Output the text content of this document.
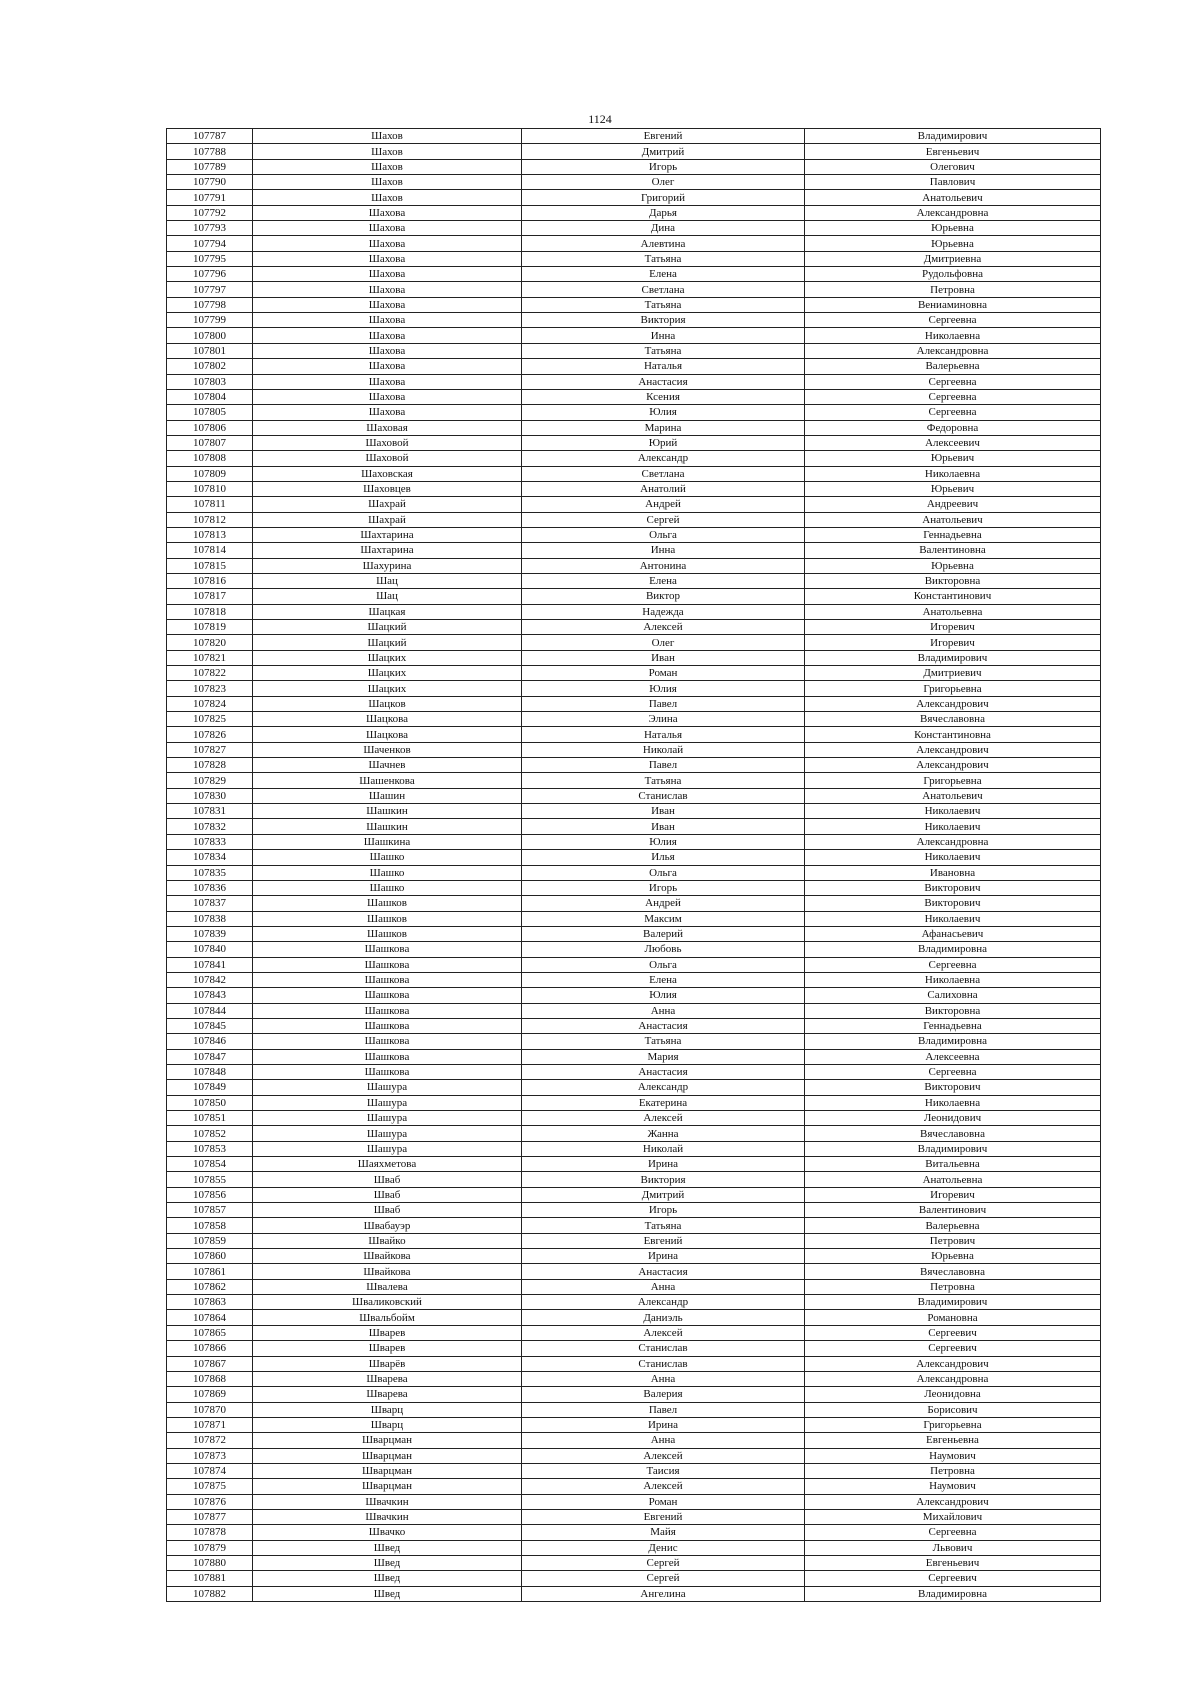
1124
107787	Шахов	Евгений	Владимирович
107788	Шахов	Дмитрий	Евгеньевич
107789	Шахов	Игорь	Олегович
107790	Шахов	Олег	Павлович
107791	Шахов	Григорий	Анатольевич
107792	Шахова	Дарья	Александровна
107793	Шахова	Дина	Юрьевна
107794	Шахова	Алевтина	Юрьевна
107795	Шахова	Татьяна	Дмитриевна
107796	Шахова	Елена	Рудольфовна
107797	Шахова	Светлана	Петровна
107798	Шахова	Татьяна	Вениаминовна
107799	Шахова	Виктория	Сергеевна
107800	Шахова	Инна	Николаевна
107801	Шахова	Татьяна	Александровна
107802	Шахова	Наталья	Валерьевна
107803	Шахова	Анастасия	Сергеевна
107804	Шахова	Ксения	Сергеевна
107805	Шахова	Юлия	Сергеевна
107806	Шаховая	Марина	Федоровна
107807	Шаховой	Юрий	Алексеевич
107808	Шаховой	Александр	Юрьевич
107809	Шаховская	Светлана	Николаевна
107810	Шаховцев	Анатолий	Юрьевич
107811	Шахрай	Андрей	Андреевич
107812	Шахрай	Сергей	Анатольевич
107813	Шахтарина	Ольга	Геннадьевна
107814	Шахтарина	Инна	Валентиновна
107815	Шахурина	Антонина	Юрьевна
107816	Шац	Елена	Викторовна
107817	Шац	Виктор	Константинович
107818	Шацкая	Надежда	Анатольевна
107819	Шацкий	Алексей	Игоревич
107820	Шацкий	Олег	Игоревич
107821	Шацких	Иван	Владимирович
107822	Шацких	Роман	Дмитриевич
107823	Шацких	Юлия	Григорьевна
107824	Шацков	Павел	Александрович
107825	Шацкова	Элина	Вячеславовна
107826	Шацкова	Наталья	Константиновна
107827	Шаченков	Николай	Александрович
107828	Шачнев	Павел	Александрович
107829	Шашенкова	Татьяна	Григорьевна
107830	Шашин	Станислав	Анатольевич
107831	Шашкин	Иван	Николаевич
107832	Шашкин	Иван	Николаевич
107833	Шашкина	Юлия	Александровна
107834	Шашко	Илья	Николаевич
107835	Шашко	Ольга	Ивановна
107836	Шашко	Игорь	Викторович
107837	Шашков	Андрей	Викторович
107838	Шашков	Максим	Николаевич
107839	Шашков	Валерий	Афанасьевич
107840	Шашкова	Любовь	Владимировна
107841	Шашкова	Ольга	Сергеевна
107842	Шашкова	Елена	Николаевна
107843	Шашкова	Юлия	Салиховна
107844	Шашкова	Анна	Викторовна
107845	Шашкова	Анастасия	Геннадьевна
107846	Шашкова	Татьяна	Владимировна
107847	Шашкова	Мария	Алексеевна
107848	Шашкова	Анастасия	Сергеевна
107849	Шашура	Александр	Викторович
107850	Шашура	Екатерина	Николаевна
107851	Шашура	Алексей	Леонидович
107852	Шашура	Жанна	Вячеславовна
107853	Шашура	Николай	Владимирович
107854	Шаяхметова	Ирина	Витальевна
107855	Шваб	Виктория	Анатольевна
107856	Шваб	Дмитрий	Игоревич
107857	Шваб	Игорь	Валентинович
107858	Швабауэр	Татьяна	Валерьевна
107859	Швайко	Евгений	Петрович
107860	Швайкова	Ирина	Юрьевна
107861	Швайкова	Анастасия	Вячеславовна
107862	Швалева	Анна	Петровна
107863	Шваликовский	Александр	Владимирович
107864	Швальбойм	Даниэль	Романовна
107865	Шварев	Алексей	Сергеевич
107866	Шварев	Станислав	Сергеевич
107867	Шварёв	Станислав	Александрович
107868	Шварева	Анна	Александровна
107869	Шварева	Валерия	Леонидовна
107870	Шварц	Павел	Борисович
107871	Шварц	Ирина	Григорьевна
107872	Шварцман	Анна	Евгеньевна
107873	Шварцман	Алексей	Наумович
107874	Шварцман	Таисия	Петровна
107875	Шварцман	Алексей	Наумович
107876	Швачкин	Роман	Александрович
107877	Швачкин	Евгений	Михайлович
107878	Швачко	Майя	Сергеевна
107879	Швед	Денис	Львович
107880	Швед	Сергей	Евгеньевич
107881	Швед	Сергей	Сергеевич
107882	Швед	Ангелина	Владимировна
